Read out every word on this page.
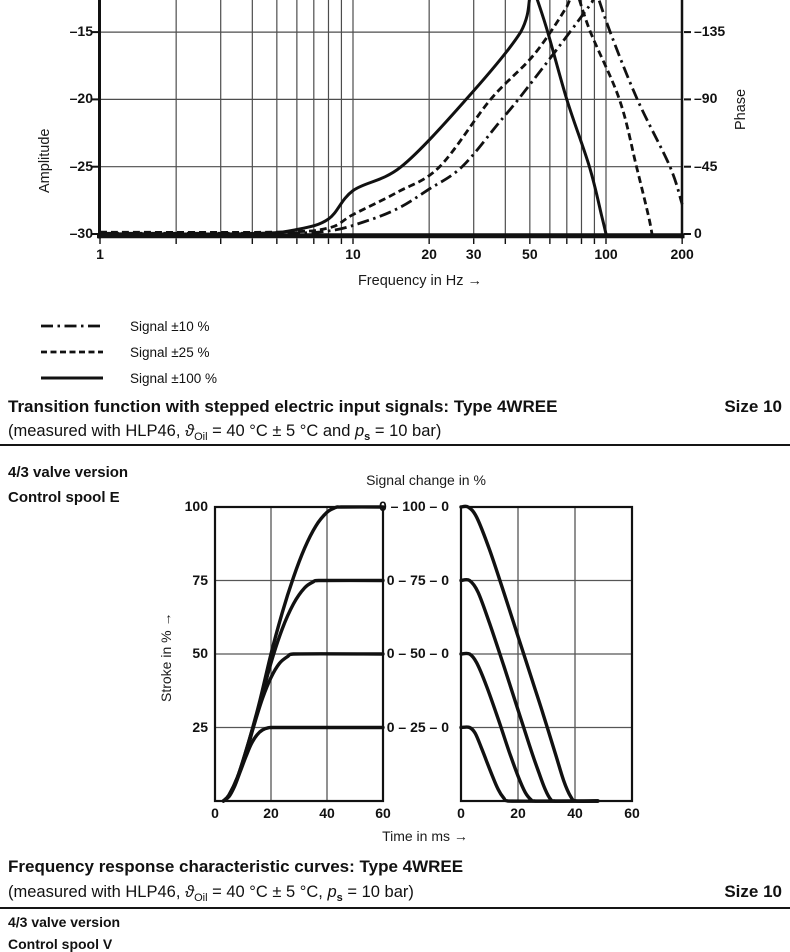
Amplitude
Phase
Frequency in Hz →
Signal ±10 %
Signal ±25 %
Signal ±100 %
Transition function with stepped electric input signals: Type 4WREE	Size 10
(measured with HLP46, $ϑ_{Oil} = 40$ °C ± 5 °C and $p_s = 10$ bar)
4/3 valve version
Control spool E
Signal change in %
Stroke in % →
Time in ms →
Frequency response characteristic curves: Type 4WREE
(measured with HLP46, $ϑ_{Oil} = 40$ °C ± 5 °C, $p_s = 10$ bar)	Size 10
4/3 valve version
Control spool V
1	10	20	30	50	100	200
–15
–20
–25
–30
–135
–90
–45
0
100
75
50
25
0	0
20	20
40	40
60	60
0 – 100 – 0
0 – 75 – 0
0 – 50 – 0
0 – 25 – 0
